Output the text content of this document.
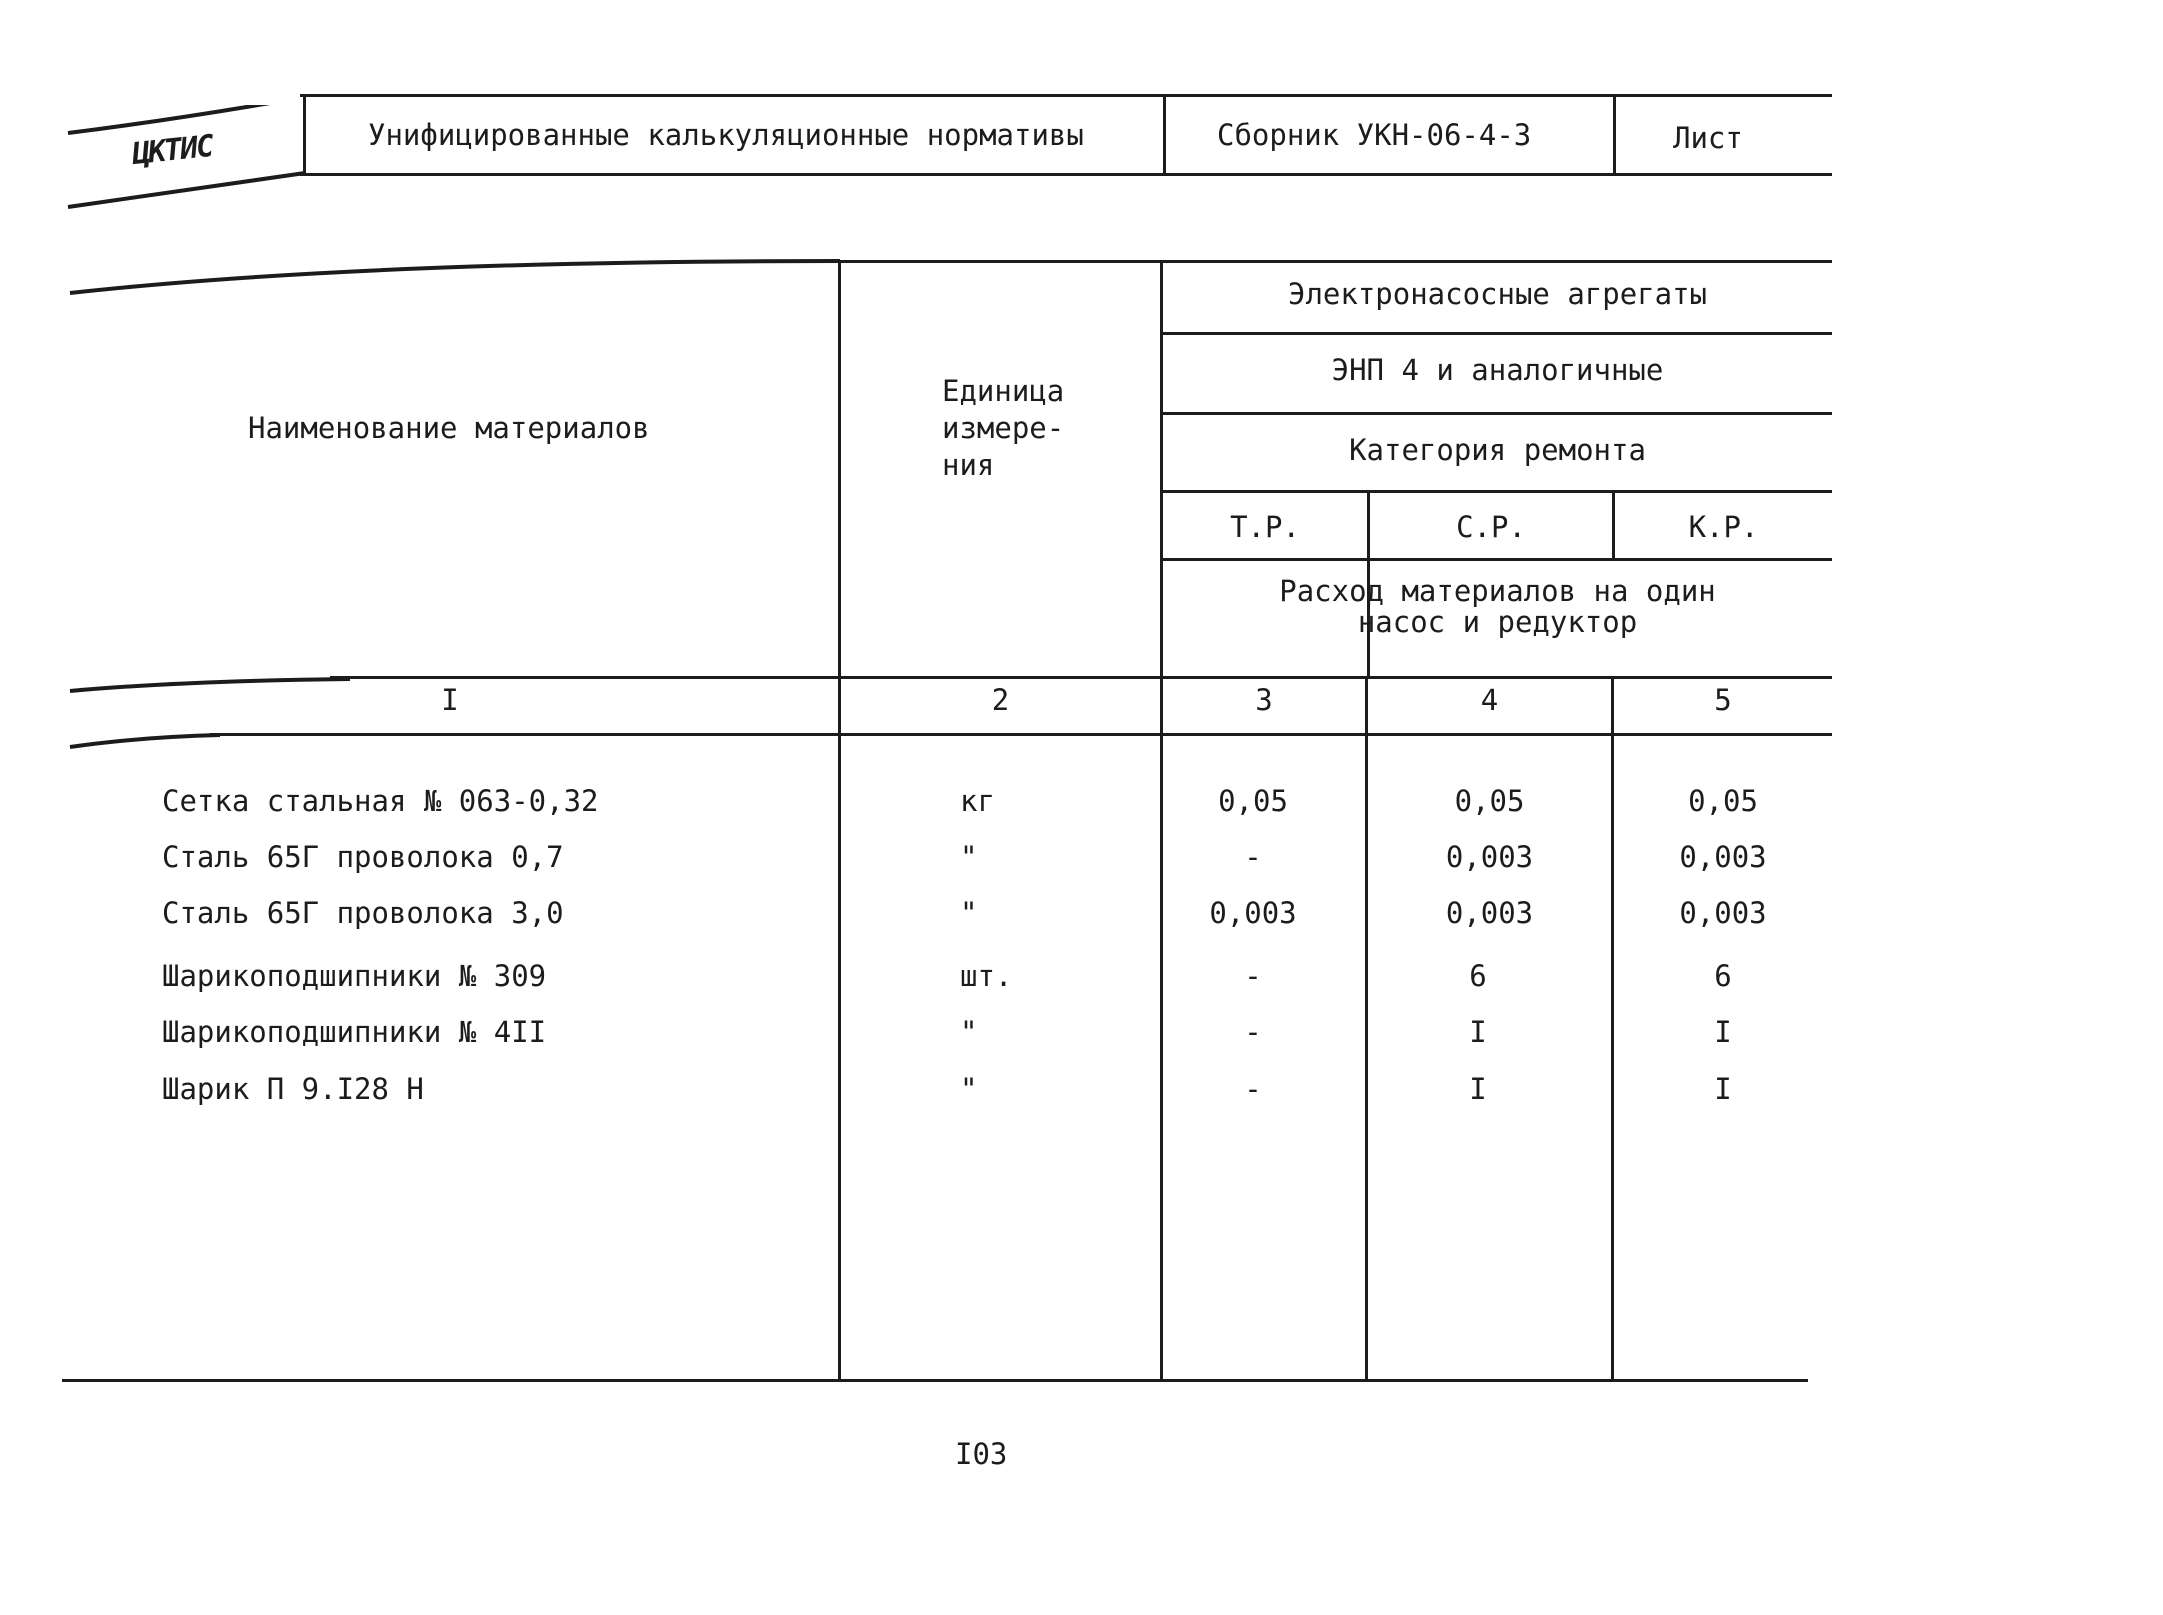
ЦКТИС	Унифицированные калькуляционные нормативы	Сборник УКН-06-4-3	Лист
Наименование материалов
Единица
измере-
ния
Электронасосные агрегаты
ЭНП 4 и аналогичные
Категория ремонта
Т.Р.	С.Р.	К.Р.
Расход материалов на один
насос и редуктор
I	2	3	4	5
Сетка стальная № 063-0,32	кг	0,05	0,05	0,05
Сталь 65Г проволока 0,7	"	-	0,003	0,003
Сталь 65Г проволока 3,0	"	0,003	0,003	0,003
Шарикоподшипники № 309	шт.	-	6	6
Шарикоподшипники № 4II	"	-	I	I
Шарик П 9.I28 Н	"	-	I	I
I03
